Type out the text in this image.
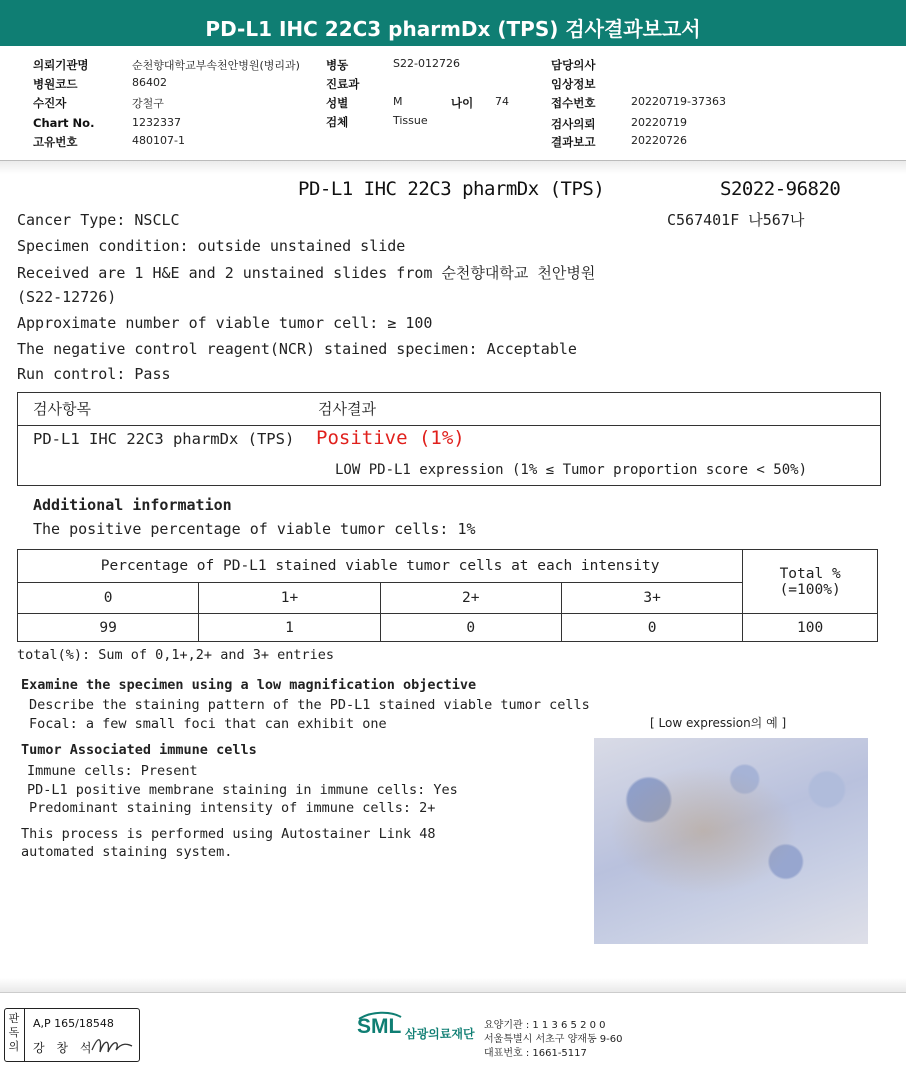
PD-L1 IHC 22C3 pharmDx (TPS) 검사결과보고서
의뢰기관명	순천향대학교부속천안병원(병리과)
병원코드	86402
수진자	강철구
Chart No.	1232337
고유번호	480107-1
병동	S22-012726
진료과
성별	M	나이 74
검체	Tissue
담당의사
임상정보
접수번호	20220719-37363
검사의뢰	20220719
결과보고	20220726
PD-L1 IHC 22C3 pharmDx (TPS)	S2022-96820
C567401F 나567나
Cancer Type: NSCLC
Specimen condition: outside unstained slide
Received are 1 H&E and 2 unstained slides from 순천향대학교 천안병원
(S22-12726)
Approximate number of viable tumor cell: ≥ 100
The negative control reagent(NCR) stained specimen: Acceptable
Run control: Pass
검사항목	검사결과
PD-L1 IHC 22C3 pharmDx (TPS) Positive (1%)
LOW PD-L1 expression (1% ≤ Tumor proportion score < 50%)
Additional information
The positive percentage of viable tumor cells: 1%
Percentage of PD-L1 stained viable tumor cells at each intensity				Total %
(=100%)

0	1+	2+	3+	
99	1	0	0	100
total(%): Sum of 0,1+,2+ and 3+ entries
Examine the specimen using a low magnification objective
Describe the staining pattern of the PD-L1 stained viable tumor cells
Focal: a few small foci that can exhibit one	[ Low expression의 예 ]
Tumor Associated immune cells
Immune cells: Present
PD-L1 positive membrane staining in immune cells: Yes
Predominant staining intensity of immune cells: 2+
This process is performed using Autostainer Link 48
automated staining system.
판독의
A,P 165/18548
강 창 석
SML 삼광의료재단
요양기관 : 1 1 3 6 5 2 0 0
서울특별시 서초구 양재동 9-60
대표번호 : 1661-5117
